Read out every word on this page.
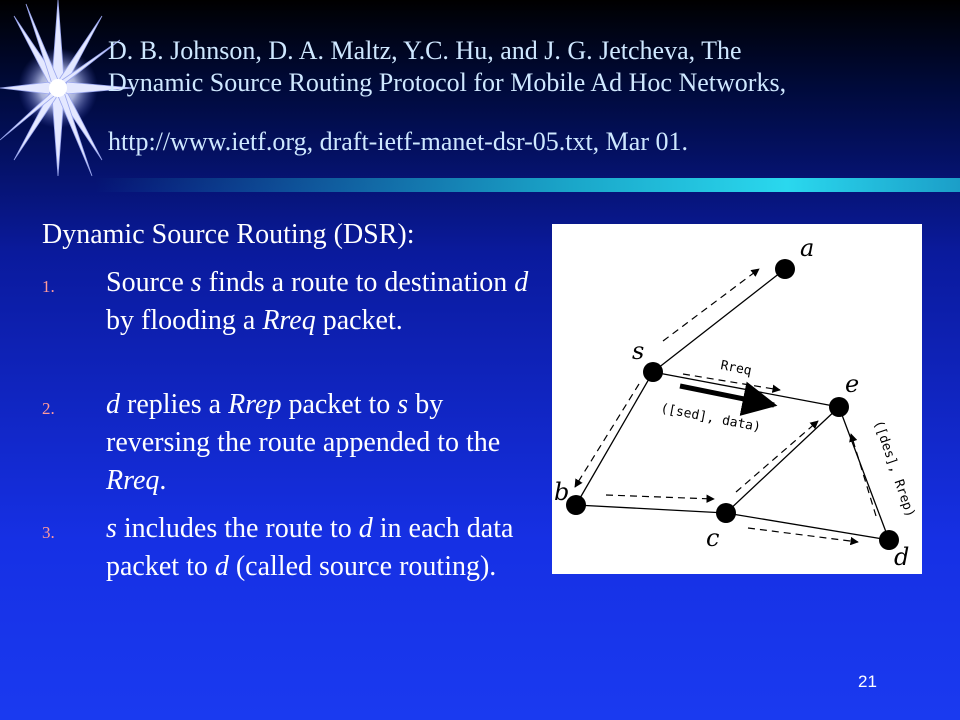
D. B. Johnson, D. A. Maltz, Y.C. Hu, and J. G. Jetcheva, The
Dynamic Source Routing Protocol for Mobile Ad Hoc Networks,
http://www.ietf.org, draft-ietf-manet-dsr-05.txt, Mar 01.
Dynamic Source Routing (DSR):
1. Source s finds a route to destination d by flooding a Rreq packet.
2. d replies a Rrep packet to s by reversing the route appended to the Rreq.
3. s includes the route to d in each data packet to d (called source routing).
a
s
e
b
c
d
Rreq
([sed], data)
([des], Rrep)
21
